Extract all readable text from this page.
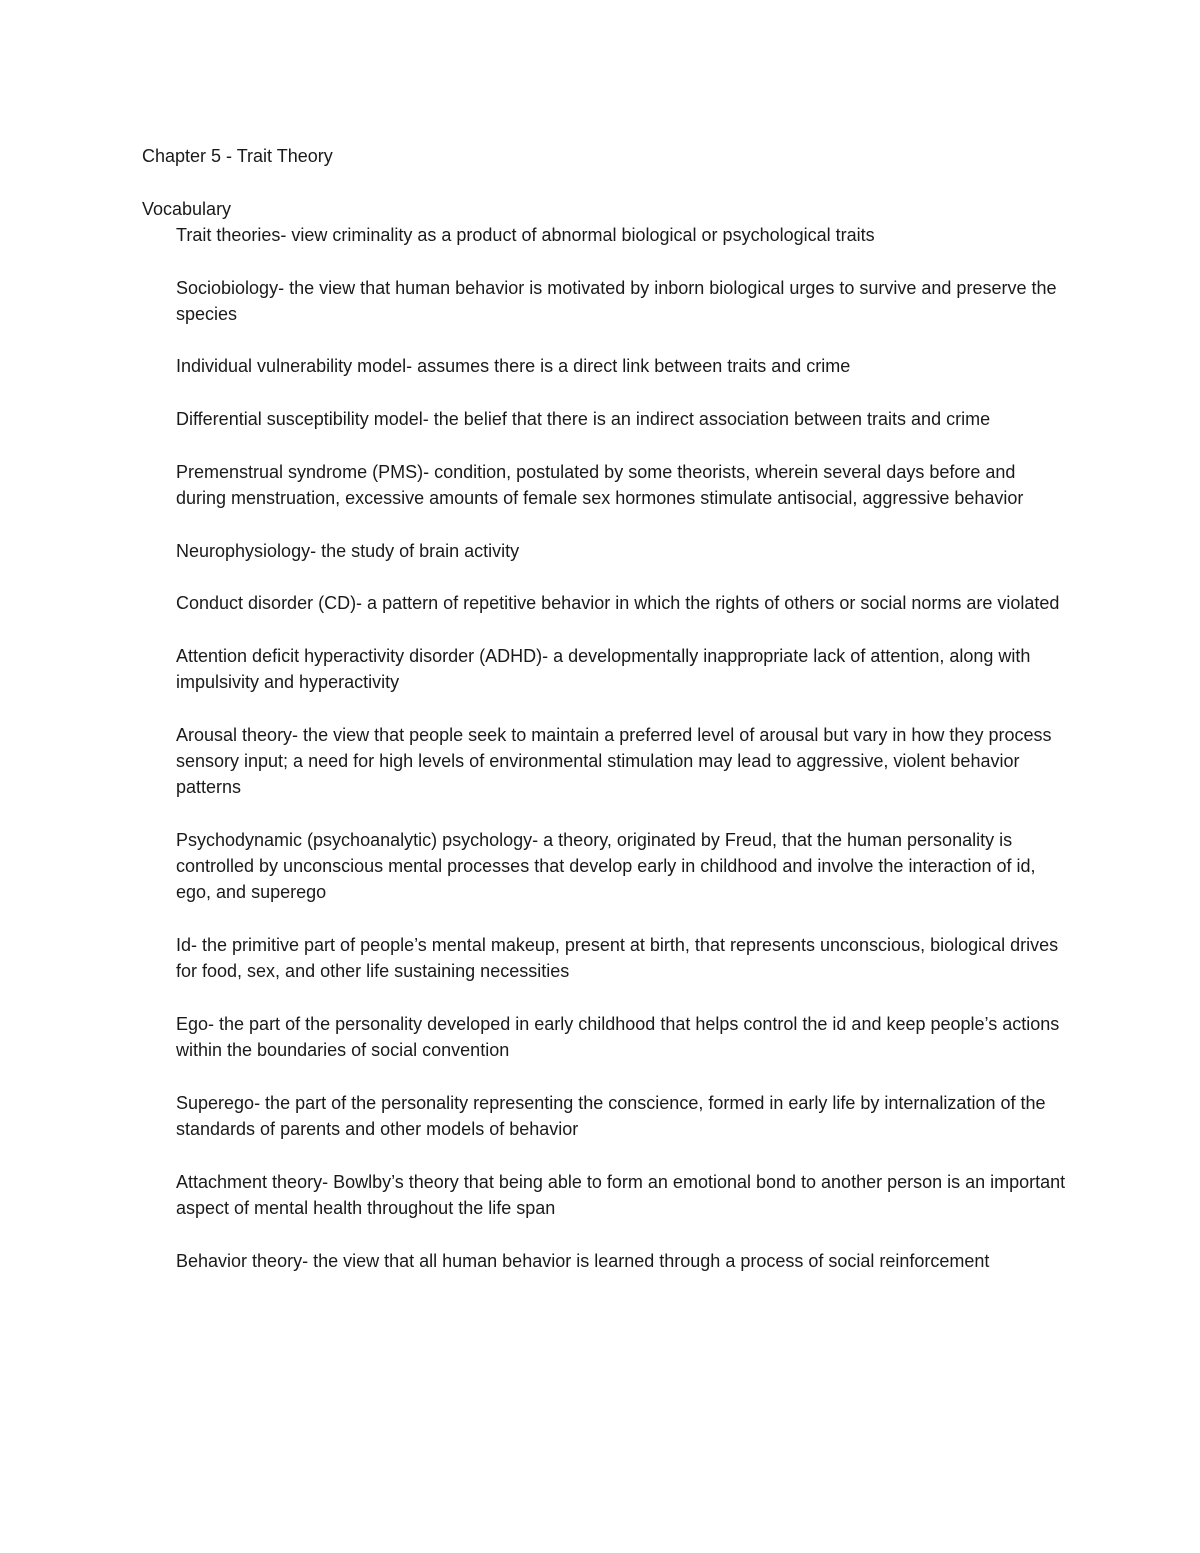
Chapter 5 - Trait Theory
Vocabulary
Trait theories- view criminality as a product of abnormal biological or psychological traits
Sociobiology- the view that human behavior is motivated by inborn biological urges to survive and preserve the species
Individual vulnerability model- assumes there is a direct link between traits and crime
Differential susceptibility model- the belief that there is an indirect association between traits and crime
Premenstrual syndrome (PMS)- condition, postulated by some theorists, wherein several days before and during menstruation, excessive amounts of female sex hormones stimulate antisocial, aggressive behavior
Neurophysiology- the study of brain activity
Conduct disorder (CD)- a pattern of repetitive behavior in which the rights of others or social norms are violated
Attention deficit hyperactivity disorder (ADHD)- a developmentally inappropriate lack of attention, along with impulsivity and hyperactivity
Arousal theory- the view that people seek to maintain a preferred level of arousal but vary in how they process sensory input; a need for high levels of environmental stimulation may lead to aggressive, violent behavior patterns
Psychodynamic (psychoanalytic) psychology- a theory, originated by Freud, that the human personality is controlled by unconscious mental processes that develop early in childhood and involve the interaction of id, ego, and superego
Id- the primitive part of people’s mental makeup, present at birth, that represents unconscious, biological drives for food, sex, and other life sustaining necessities
Ego- the part of the personality developed in early childhood that helps control the id and keep people’s actions within the boundaries of social convention
Superego- the part of the personality representing the conscience, formed in early life by internalization of the standards of parents and other models of behavior
Attachment theory- Bowlby’s theory that being able to form an emotional bond to another person is an important aspect of mental health throughout the life span
Behavior theory- the view that all human behavior is learned through a process of social reinforcement
